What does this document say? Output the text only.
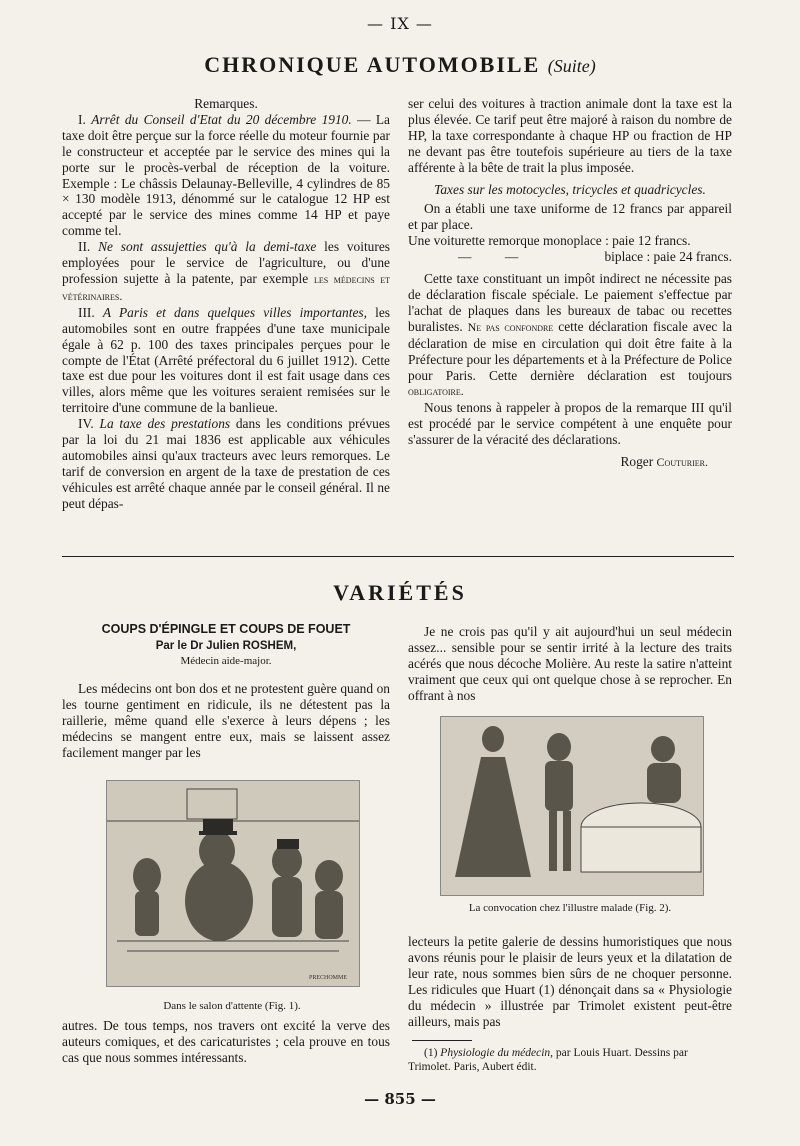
— IX —
CHRONIQUE AUTOMOBILE (Suite)

Remarques.

I. Arrêt du Conseil d'Etat du 20 décembre 1910. — La taxe doit être perçue sur la force réelle du moteur fournie par le constructeur et acceptée par le service des mines qui la porte sur le procès-verbal de réception de la voiture. Exemple : Le châssis Delaunay-Belleville, 4 cylindres de 85 × 130 modèle 1913, dénommé sur le catalogue 12 HP est accepté par le service des mines comme 14 HP et paye comme tel.

II. Ne sont assujetties qu'à la demi-taxe les voitures employées pour le service de l'agriculture, ou d'une profession sujette à la patente, par exemple les médecins et vétérinaires.

III. A Paris et dans quelques villes importantes, les automobiles sont en outre frappées d'une taxe municipale égale à 62 p. 100 des taxes principales perçues pour le compte de l'État (Arrêté préfectoral du 6 juillet 1912). Cette taxe est due pour les voitures dont il est fait usage dans ces villes, alors même que les voitures seraient remisées sur le territoire d'une commune de la banlieue.

IV. La taxe des prestations dans les conditions prévues par la loi du 21 mai 1836 est applicable aux véhicules automobiles ainsi qu'aux tracteurs avec leurs remorques. Le tarif de conversion en argent de la taxe de prestation de ces véhicules est arrêté chaque année par le conseil général. Il ne peut dépas-

ser celui des voitures à traction animale dont la taxe est la plus élevée. Ce tarif peut être majoré à raison du nombre de HP, la taxe correspondante à chaque HP ou fraction de HP ne devant pas être toutefois supérieure au tiers de la taxe afférente à la bête de trait la plus imposée.

Taxes sur les motocycles, tricycles et quadricycles.

On a établi une taxe uniforme de 12 francs par appareil et par place.

Une voiturette remorque monoplace : paie 12 francs.

—          —	biplace : paie 24 francs.

Cette taxe constituant un impôt indirect ne nécessite pas de déclaration fiscale spéciale. Le paiement s'effectue par l'achat de plaques dans les bureaux de tabac ou recettes buralistes. Ne pas confondre cette déclaration fiscale avec la déclaration de mise en circulation qui doit être faite à la Préfecture pour les départements et à la Préfecture de Police pour Paris. Cette dernière déclaration est toujours obligatoire.

Nous tenons à rappeler à propos de la remarque III qu'il est procédé par le service compétent à une enquête pour s'assurer de la véracité des déclarations.

Roger Couturier.

VARIÉTÉS
COUPS D'ÉPINGLE ET COUPS DE FOUET
Par le Dr Julien ROSHEM,
Médecin aide-major.

Les médecins ont bon dos et ne protestent guère quand on les tourne gentiment en ridicule, ils ne détestent pas la raillerie, même quand elle s'exerce à leurs dépens ; les médecins se mangent entre eux, mais se laissent assez facilement manger par les

PRECHOMME
Dans le salon d'attente (Fig. 1).

autres. De tous temps, nos travers ont excité la verve des auteurs comiques, et des caricaturistes ; cela prouve en tous cas que nous sommes intéressants.

Je ne crois pas qu'il y ait aujourd'hui un seul médecin assez... sensible pour se sentir irrité à la lecture des traits acérés que nous décoche Molière. Au reste la satire n'atteint vraiment que ceux qui ont quelque chose à se reprocher. En offrant à nos

La convocation chez l'illustre malade (Fig. 2).

lecteurs la petite galerie de dessins humoristiques que nous avons réunis pour le plaisir de leurs yeux et la dilatation de leur rate, nous sommes bien sûrs de ne choquer personne. Les ridicules que Huart (1) dénonçait dans sa « Physiologie du médecin » illustrée par Trimolet existent peut-être ailleurs, mais pas

(1) Physiologie du médecin, par Louis Huart. Dessins par Trimolet. Paris, Aubert édit.
— 855 —
